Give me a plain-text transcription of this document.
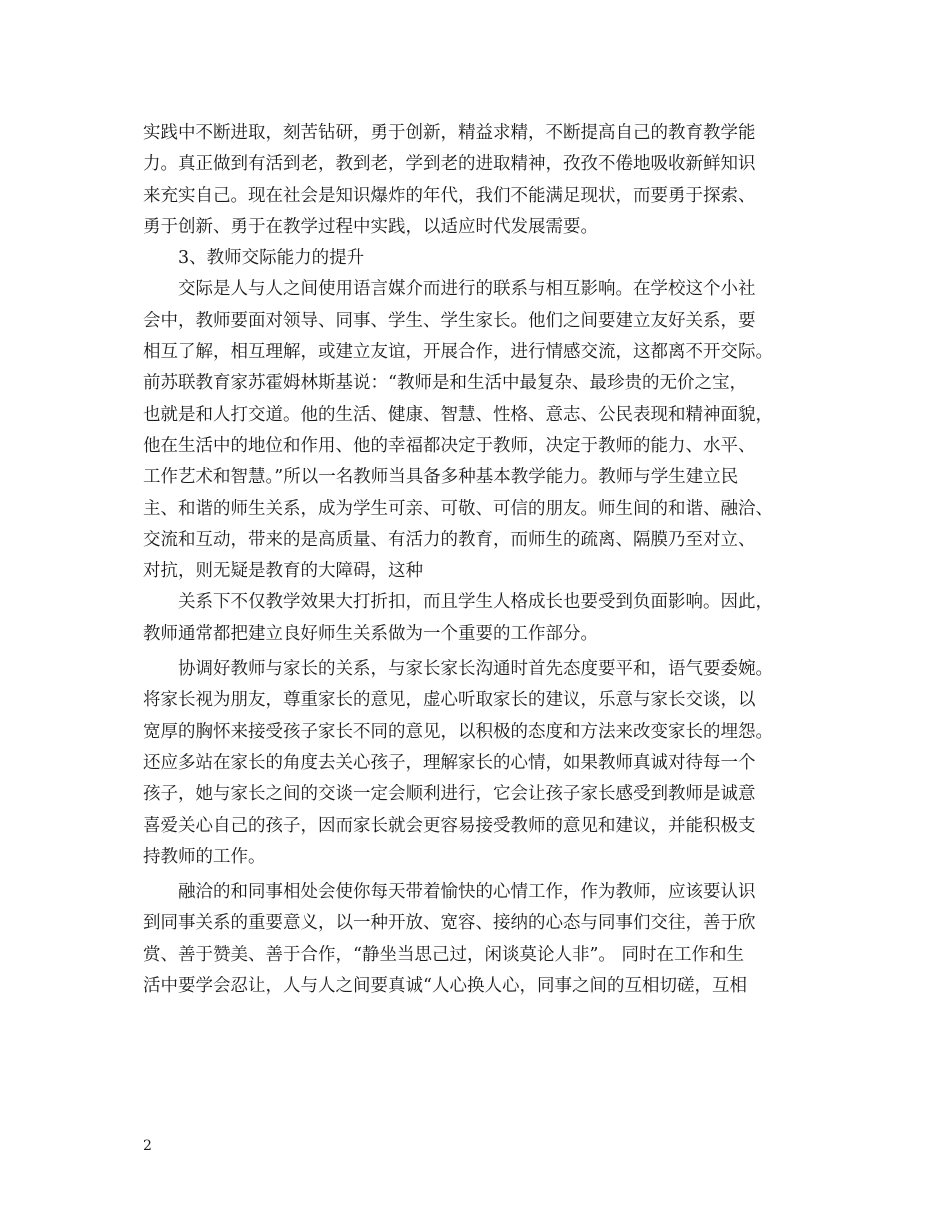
实践中不断进取，刻苦钻研，勇于创新，精益求精，不断提高自己的教育教学能
力。真正做到有活到老，教到老，学到老的进取精神，孜孜不倦地吸收新鲜知识
来充实自己。现在社会是知识爆炸的年代，我们不能满足现状，而要勇于探索、
勇于创新、勇于在教学过程中实践，以适应时代发展需要。
3、教师交际能力的提升
交际是人与人之间使用语言媒介而进行的联系与相互影响。在学校这个小社
会中，教师要面对领导、同事、学生、学生家长。他们之间要建立友好关系，要
相互了解，相互理解，或建立友谊，开展合作，进行情感交流，这都离不开交际。
前苏联教育家苏霍姆林斯基说：“教师是和生活中最复杂、最珍贵的无价之宝，
也就是和人打交道。他的生活、健康、智慧、性格、意志、公民表现和精神面貌，
他在生活中的地位和作用、他的幸福都决定于教师，决定于教师的能力、水平、
工作艺术和智慧。”所以一名教师当具备多种基本教学能力。教师与学生建立民
主、和谐的师生关系，成为学生可亲、可敬、可信的朋友。师生间的和谐、融洽、
交流和互动，带来的是高质量、有活力的教育，而师生的疏离、隔膜乃至对立、
对抗，则无疑是教育的大障碍，这种
关系下不仅教学效果大打折扣，而且学生人格成长也要受到负面影响。因此，
教师通常都把建立良好师生关系做为一个重要的工作部分。
协调好教师与家长的关系，与家长家长沟通时首先态度要平和，语气要委婉。
将家长视为朋友，尊重家长的意见，虚心听取家长的建议，乐意与家长交谈，以
宽厚的胸怀来接受孩子家长不同的意见，以积极的态度和方法来改变家长的埋怨。
还应多站在家长的角度去关心孩子，理解家长的心情，如果教师真诚对待每一个
孩子，她与家长之间的交谈一定会顺利进行，它会让孩子家长感受到教师是诚意
喜爱关心自己的孩子，因而家长就会更容易接受教师的意见和建议，并能积极支
持教师的工作。
融洽的和同事相处会使你每天带着愉快的心情工作，作为教师，应该要认识
到同事关系的重要意义，以一种开放、宽容、接纳的心态与同事们交往，善于欣
赏、善于赞美、善于合作，“静坐当思己过，闲谈莫论人非”。 同时在工作和生
活中要学会忍让，人与人之间要真诚“人心换人心，同事之间的互相切磋，互相
2
